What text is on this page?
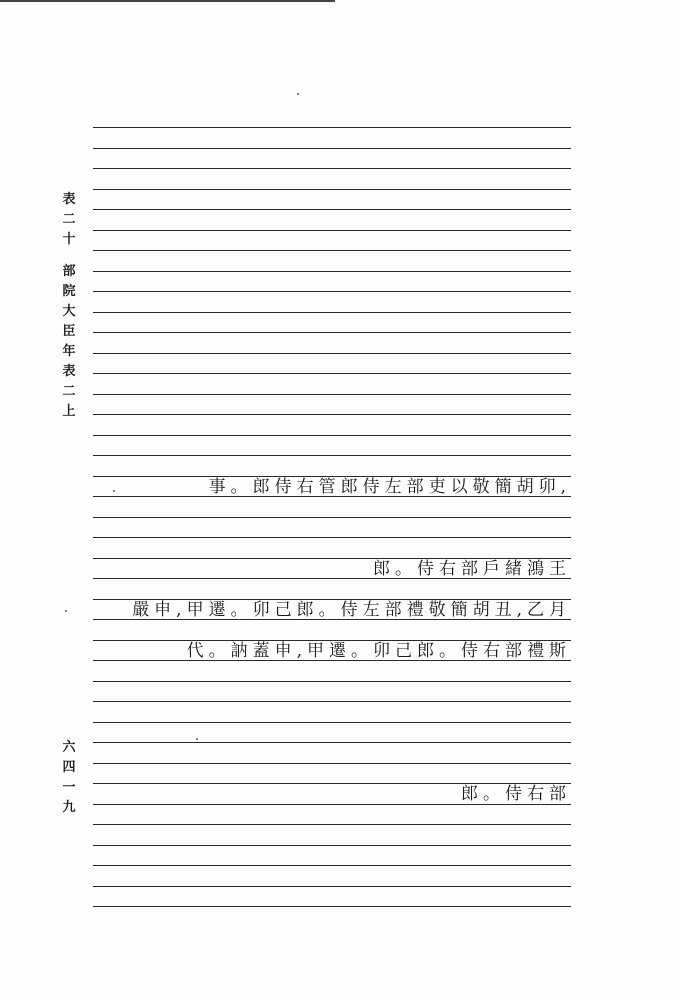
表
二
十
部
院
大
臣
年
表
二
上
六
四
一
九
事。郎侍右管郎侍左部吏以敬簡胡卯,
郎。侍右部戶緒鴻王
嚴申,甲遷。卯己郎。侍左部禮敬簡胡丑,乙月
代。訥蓋申,甲遷。卯己郎。侍右部禮斯
郎。侍右部
